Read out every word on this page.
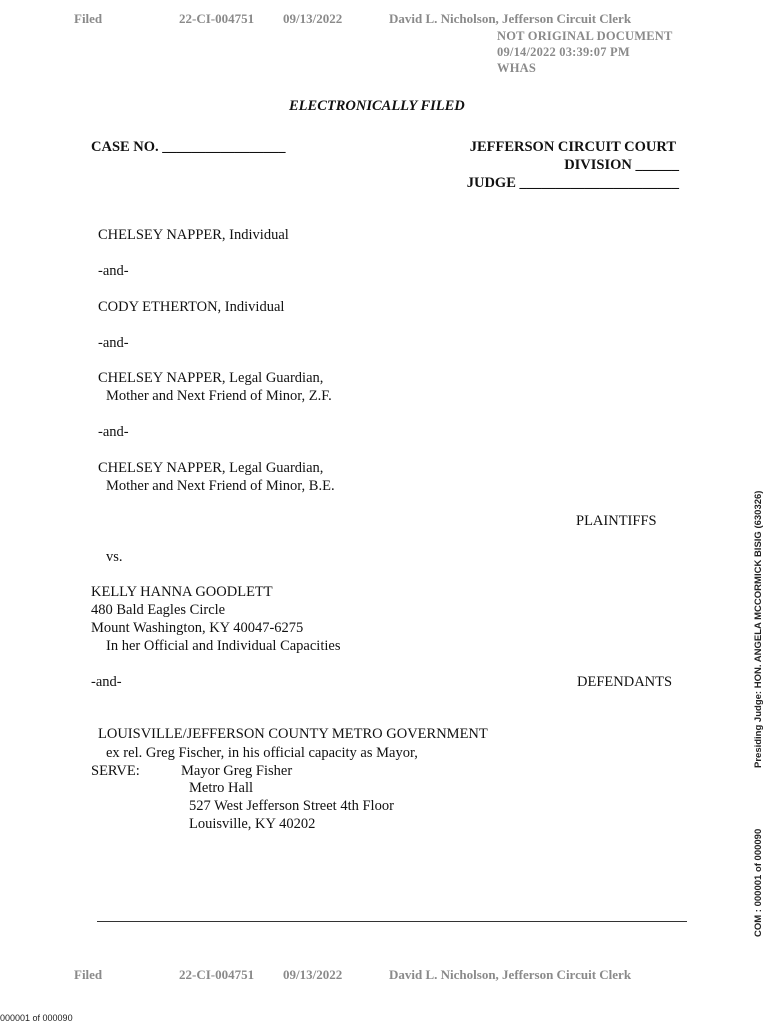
Filed	22-CI-004751 09/13/2022	David L. Nicholson, Jefferson Circuit Clerk
NOT ORIGINAL DOCUMENT
09/14/2022 03:39:07 PM
WHAS
ELECTRONICALLY FILED
CASE NO. _________________	JEFFERSON CIRCUIT COURT
DIVISION ______
JUDGE ______________________
CHELSEY NAPPER, Individual
-and-
CODY ETHERTON, Individual
-and-
CHELSEY NAPPER, Legal Guardian,
Mother and Next Friend of Minor, Z.F.
-and-
CHELSEY NAPPER, Legal Guardian,
Mother and Next Friend of Minor, B.E.
PLAINTIFFS
vs.
KELLY HANNA GOODLETT
480 Bald Eagles Circle
Mount Washington, KY 40047-6275
In her Official and Individual Capacities
-and-	DEFENDANTS
LOUISVILLE/JEFFERSON COUNTY METRO GOVERNMENT
ex rel. Greg Fischer, in his official capacity as Mayor,
SERVE:	Mayor Greg Fisher
Metro Hall
527 West Jefferson Street 4th Floor
Louisville, KY 40202
Presiding Judge: HON. ANGELA MCCORMICK BISIG (630326)
COM : 000001 of 000090
Filed	22-CI-004751 09/13/2022	David L. Nicholson, Jefferson Circuit Clerk
000001 of 000090
